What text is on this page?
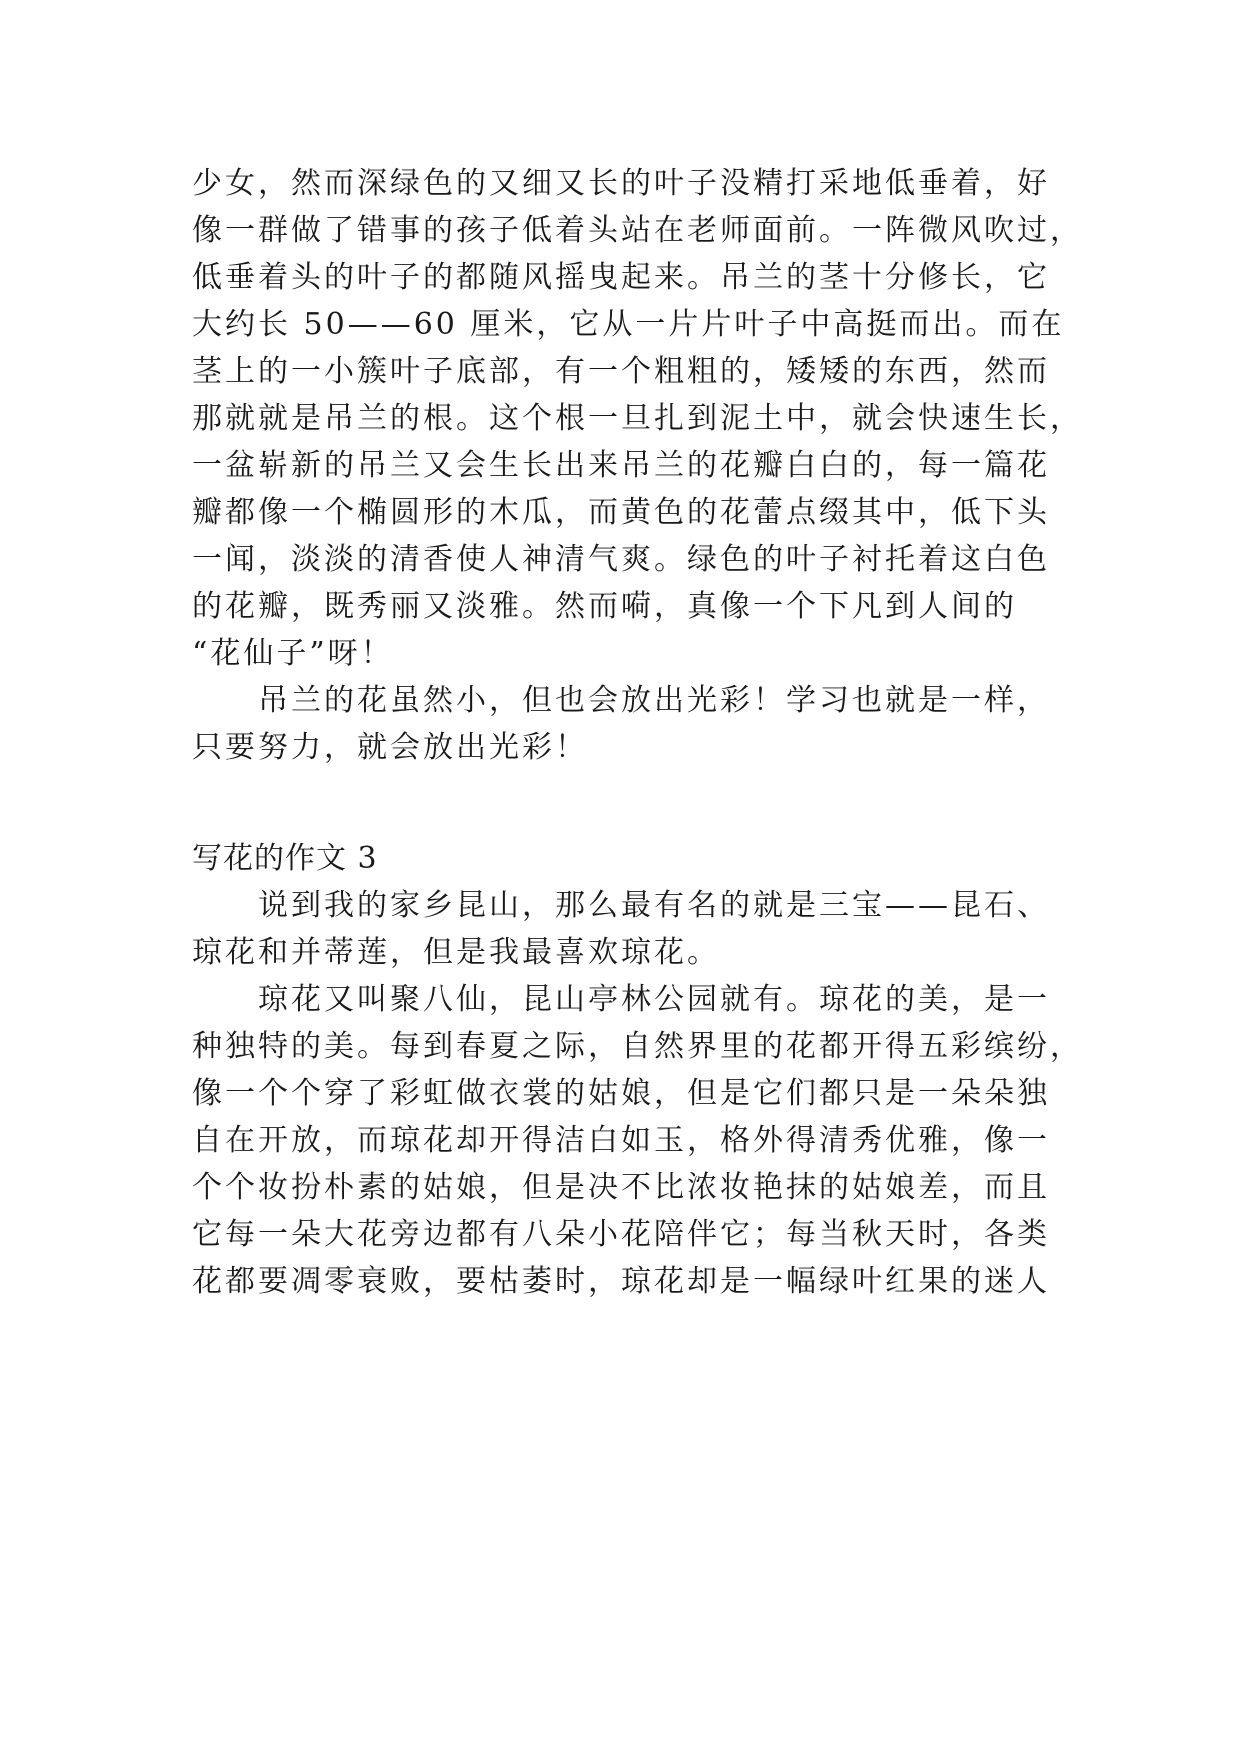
少女，然而深绿色的又细又长的叶子没精打采地低垂着，好
像一群做了错事的孩子低着头站在老师面前。一阵微风吹过，
低垂着头的叶子的都随风摇曳起来。吊兰的茎十分修长，它
大约长 50——60 厘米，它从一片片叶子中高挺而出。而在
茎上的一小簇叶子底部，有一个粗粗的，矮矮的东西，然而
那就就是吊兰的根。这个根一旦扎到泥土中，就会快速生长，
一盆崭新的吊兰又会生长出来吊兰的花瓣白白的，每一篇花
瓣都像一个椭圆形的木瓜，而黄色的花蕾点缀其中，低下头
一闻，淡淡的清香使人神清气爽。绿色的叶子衬托着这白色
的花瓣，既秀丽又淡雅。然而嗬，真像一个下凡到人间的
“花仙子”呀！
吊兰的花虽然小，但也会放出光彩！学习也就是一样，
只要努力，就会放出光彩！
写花的作文 3
说到我的家乡昆山，那么最有名的就是三宝——昆石、
琼花和并蒂莲，但是我最喜欢琼花。
琼花又叫聚八仙，昆山亭林公园就有。琼花的美，是一
种独特的美。每到春夏之际，自然界里的花都开得五彩缤纷，
像一个个穿了彩虹做衣裳的姑娘，但是它们都只是一朵朵独
自在开放，而琼花却开得洁白如玉，格外得清秀优雅，像一
个个妆扮朴素的姑娘，但是决不比浓妆艳抹的姑娘差，而且
它每一朵大花旁边都有八朵小花陪伴它；每当秋天时，各类
花都要凋零衰败，要枯萎时，琼花却是一幅绿叶红果的迷人
